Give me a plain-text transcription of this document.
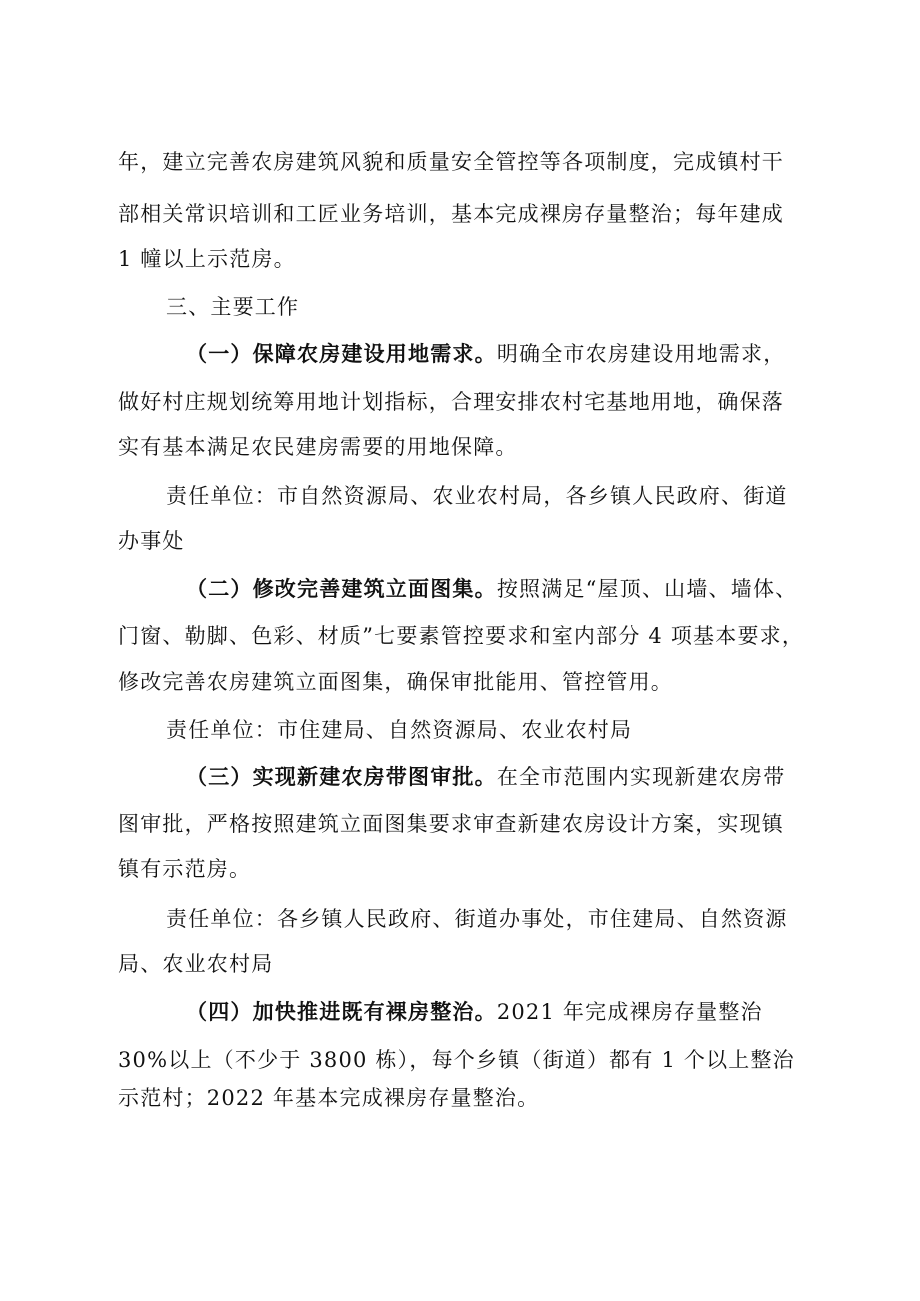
年，建立完善农房建筑风貌和质量安全管控等各项制度，完成镇村干
部相关常识培训和工匠业务培训，基本完成裸房存量整治；每年建成
1 幢以上示范房。
三、主要工作
（一）保障农房建设用地需求。明确全市农房建设用地需求，
做好村庄规划统筹用地计划指标，合理安排农村宅基地用地，确保落
实有基本满足农民建房需要的用地保障。
责任单位：市自然资源局、农业农村局，各乡镇人民政府、街道
办事处
（二）修改完善建筑立面图集。按照满足“屋顶、山墙、墙体、
门窗、勒脚、色彩、材质”七要素管控要求和室内部分 4 项基本要求，
修改完善农房建筑立面图集，确保审批能用、管控管用。
责任单位：市住建局、自然资源局、农业农村局
（三）实现新建农房带图审批。在全市范围内实现新建农房带
图审批，严格按照建筑立面图集要求审查新建农房设计方案，实现镇
镇有示范房。
责任单位：各乡镇人民政府、街道办事处，市住建局、自然资源
局、农业农村局
（四）加快推进既有裸房整治。2021 年完成裸房存量整治
30%以上（不少于 3800 栋），每个乡镇（街道）都有 1 个以上整治
示范村；2022 年基本完成裸房存量整治。
